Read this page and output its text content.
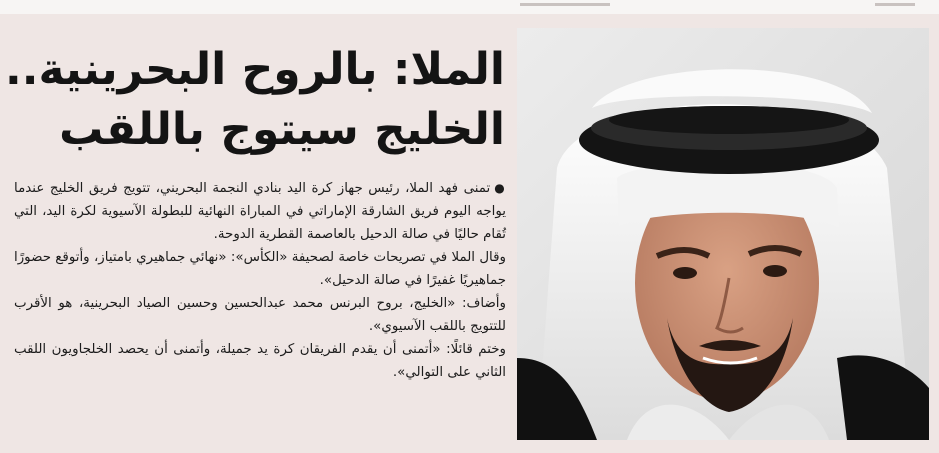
الملا: بالروح البحرينية..
الخليج سيتوج باللقب

●تمنى فهد الملا، رئيس جهاز كرة اليد بنادي النجمة البحريني، تتويج فريق الخليج عندما يواجه اليوم فريق الشارقة الإماراتي في المباراة النهائية للبطولة الآسيوية لكرة اليد، التي تُقام حاليًا في صالة الدحيل بالعاصمة القطرية الدوحة.

وقال الملا في تصريحات خاصة لصحيفة «الكأس»: «نهائي جماهيري بامتياز، وأتوقع حضورًا جماهيريًا غفيرًا في صالة الدحيل».

وأضاف: «الخليج، بروح البرنس محمد عبدالحسين وحسين الصياد البحرينية، هو الأقرب للتتويج باللقب الآسيوي».

وختم قائلًا: «أتمنى أن يقدم الفريقان كرة يد جميلة، وأتمنى أن يحصد الخلجاويون اللقب الثاني على التوالي».
